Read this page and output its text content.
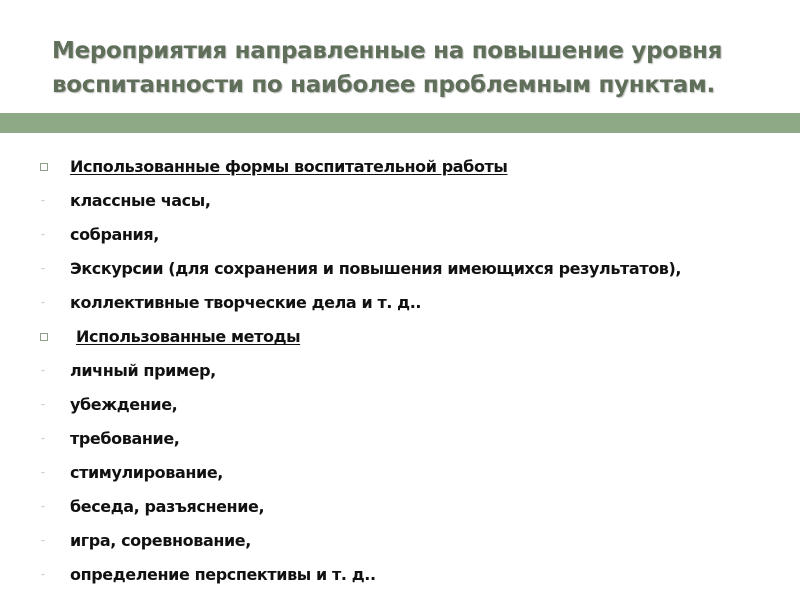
Мероприятия направленные на повышение уровня воспитанности по наиболее проблемным пунктам.
Использованные формы воспитательной работы
– классные часы,
– собрания,
– Экскурсии (для сохранения и повышения имеющихся результатов),
– коллективные творческие дела и т. д..
Использованные методы
– личный пример,
– убеждение,
– требование,
– стимулирование,
– беседа, разъяснение,
– игра, соревнование,
– определение перспективы и т. д..
